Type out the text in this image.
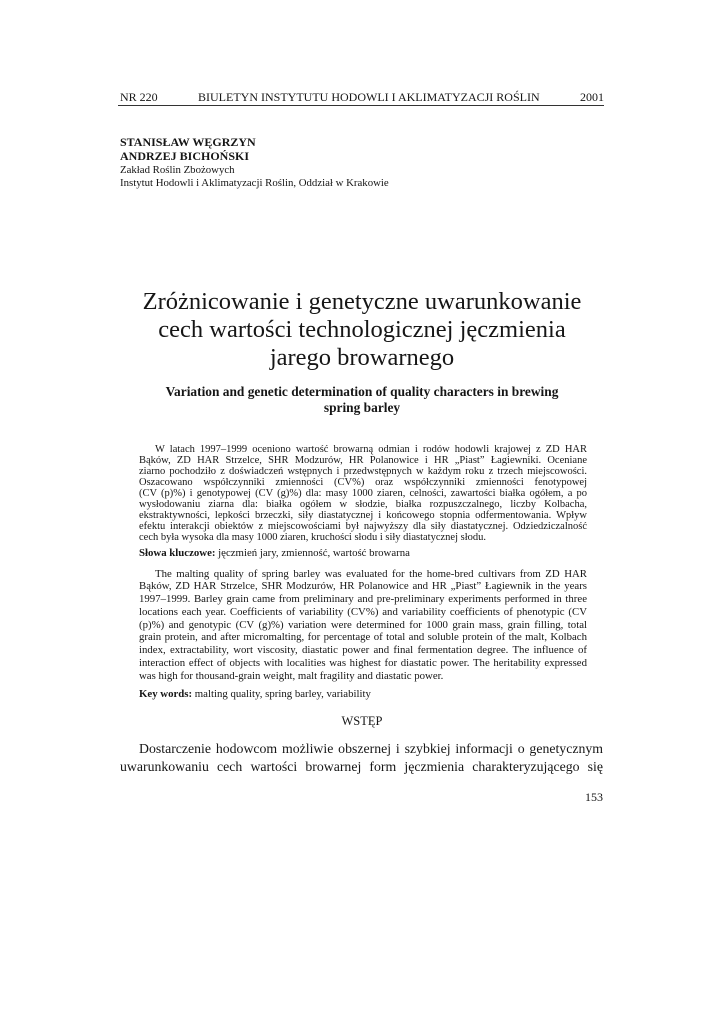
NR 220	BIULETYN INSTYTUTU HODOWLI I AKLIMATYZACJI ROŚLIN	2001
STANISŁAW WĘGRZYN
ANDRZEJ BICHOŃSKI
Zakład Roślin Zbożowych
Instytut Hodowli i Aklimatyzacji Roślin, Oddział w Krakowie
Zróżnicowanie i genetyczne uwarunkowanie
cech wartości technologicznej jęczmienia
jarego browarnego
Variation and genetic determination of quality characters in brewing
spring barley
W latach 1997–1999 oceniono wartość browarną odmian i rodów hodowli krajowej z ZD HAR
Bąków, ZD HAR Strzelce, SHR Modzurów, HR Polanowice i HR „Piast” Łagiewniki. Oceniane
ziarno pochodziło z doświadczeń wstępnych i przedwstępnych w każdym roku z trzech miejscowości.
Oszacowano współczynniki zmienności (CV%) oraz współczynniki zmienności fenotypowej
(CV (p)%) i genotypowej (CV (g)%) dla: masy 1000 ziaren, celności, zawartości białka ogółem, a po
wysłodowaniu ziarna dla: białka ogółem w słodzie, białka rozpuszczalnego, liczby Kolbacha,
ekstraktywności, lepkości brzeczki, siły diastatycznej i końcowego stopnia odfermentowania. Wpływ
efektu interakcji obiektów z miejscowościami był najwyższy dla siły diastatycznej. Odziedziczalność
cech była wysoka dla masy 1000 ziaren, kruchości słodu i siły diastatycznej słodu.
Słowa kluczowe: jęczmień jary, zmienność, wartość browarna
The malting quality of spring barley was evaluated for the home-bred cultivars from ZD HAR
Bąków, ZD HAR Strzelce, SHR Modzurów, HR Polanowice and HR „Piast” Łagiewnik in the years
1997–1999. Barley grain came from preliminary and pre-preliminary experiments performed in three
locations each year. Coefficients of variability (CV%) and variability coefficients of phenotypic (CV
(p)%) and genotypic (CV (g)%) variation were determined for 1000 grain mass, grain filling, total
grain protein, and after micromalting, for percentage of total and soluble protein of the malt, Kolbach
index, extractability, wort viscosity, diastatic power and final fermentation degree. The influence of
interaction effect of objects with localities was highest for diastatic power. The heritability expressed
was high for thousand-grain weight, malt fragility and diastatic power.
Key words: malting quality, spring barley, variability
WSTĘP
Dostarczenie hodowcom możliwie obszernej i szybkiej informacji o genetycznym
uwarunkowaniu cech wartości browarnej form jęczmienia charakteryzującego się
153
